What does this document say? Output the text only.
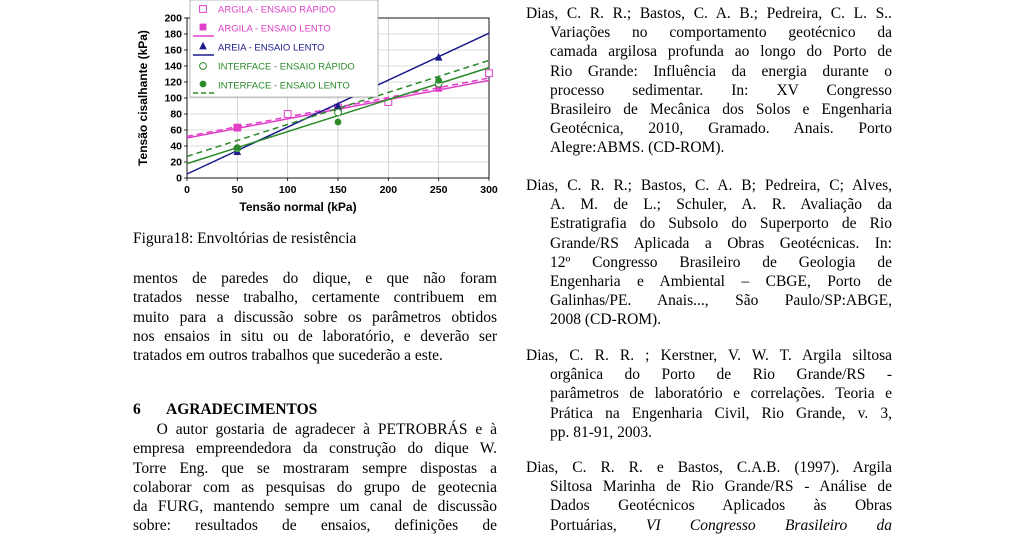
0	50	100	150	200	250	300
0
20
40
60
80
100
120
140
160
180
200
Tensão normal (kPa)
Tensão cisalhante (kPa)
ARGILA - ENSAIO RÁPIDO
ARGILA - ENSAIO LENTO
AREIA - ENSAIO LENTO
INTERFACE - ENSAIO RÁPIDO
INTERFACE - ENSAIO LENTO
Figura18: Envoltórias de resistência
mentos de paredes do dique, e que não foram
tratados nesse trabalho, certamente contribuem em
muito para a discussão sobre os parâmetros obtidos
nos ensaios in situ ou de laboratório, e deverão ser
tratados em outros trabalhos que sucederão a este.
6 AGRADECIMENTOS
O autor gostaria de agradecer à PETROBRÁS e à
empresa empreendedora da construção do dique W.
Torre Eng. que se mostraram sempre dispostas a
colaborar com as pesquisas do grupo de geotecnia
da FURG, mantendo sempre um canal de discussão
sobre:  resultados  de  ensaios,  definições  de
Dias, C. R. R.; Bastos, C. A. B.; Pedreira, C. L. S..
Variações no comportamento geotécnico da
camada argilosa profunda ao longo do Porto de
Rio Grande: Influência da energia durante o
processo sedimentar. In: XV Congresso
Brasileiro de Mecânica dos Solos e Engenharia
Geotécnica, 2010, Gramado. Anais. Porto
Alegre:ABMS. (CD-ROM).
Dias, C. R. R.; Bastos, C. A. B; Pedreira, C; Alves,
A. M. de L.; Schuler, A. R. Avaliação da
Estratigrafia do Subsolo do Superporto de Rio
Grande/RS Aplicada a Obras Geotécnicas. In:
12º Congresso Brasileiro de Geologia de
Engenharia e Ambiental – CBGE, Porto de
Galinhas/PE. Anais..., São Paulo/SP:ABGE,
2008 (CD-ROM).
Dias, C. R. R. ; Kerstner, V. W. T. Argila siltosa
orgânica do Porto de Rio Grande/RS -
parâmetros de laboratório e correlações. Teoria e
Prática na Engenharia Civil, Rio Grande, v. 3,
pp. 81-91, 2003.
Dias, C. R. R. e Bastos, C.A.B. (1997). Argila
Siltosa Marinha de Rio Grande/RS - Análise de
Dados Geotécnicos Aplicados às Obras
Portuárias, VI Congresso Brasileiro da
